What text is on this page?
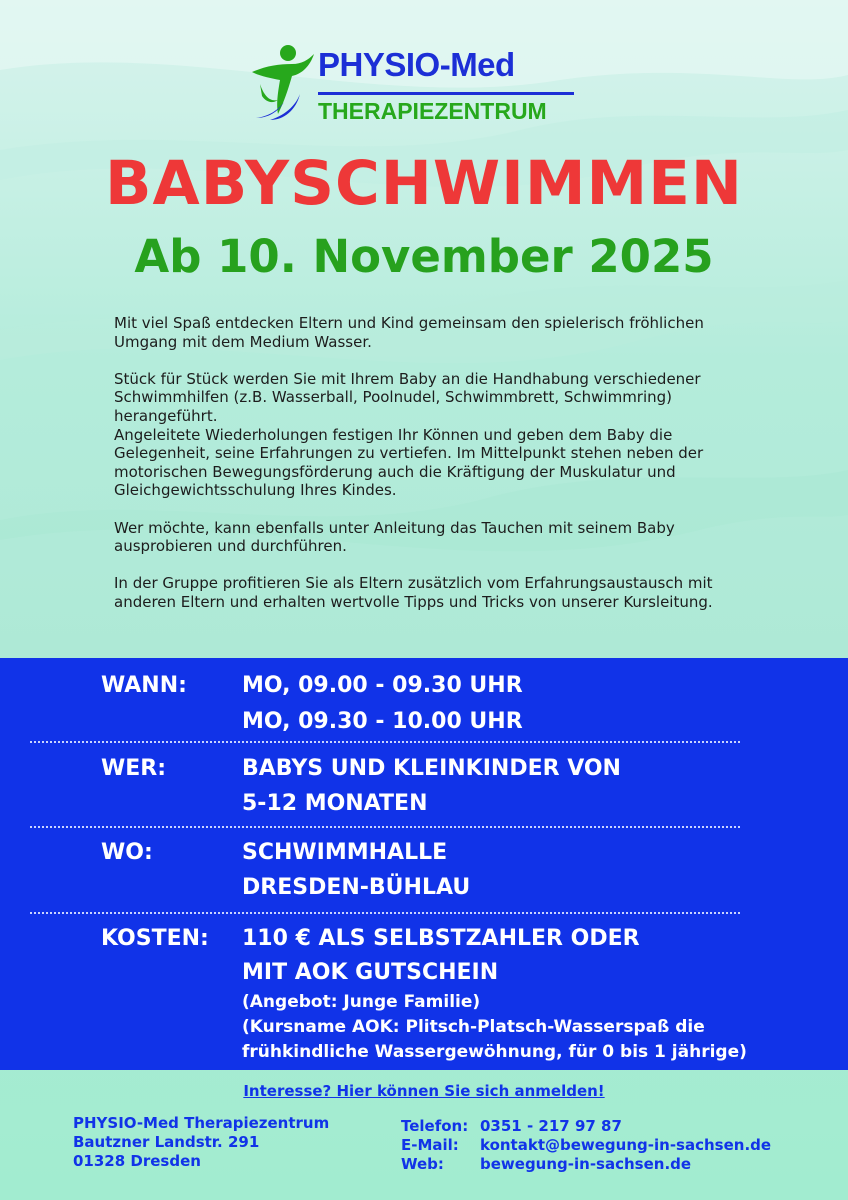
PHYSIO-Med
THERAPIEZENTRUM
BABYSCHWIMMEN
Ab 10. November 2025

Mit viel Spaß entdecken Eltern und Kind gemeinsam den spielerisch fröhlichen Umgang mit dem Medium Wasser.

Stück für Stück werden Sie mit Ihrem Baby an die Handhabung verschiedener Schwimmhilfen (z.B. Wasserball, Poolnudel, Schwimmbrett, Schwimmring) herangeführt.

Angeleitete Wiederholungen festigen Ihr Können und geben dem Baby die Gelegenheit, seine Erfahrungen zu vertiefen. Im Mittelpunkt stehen neben der motorischen Bewegungsförderung auch die Kräftigung der Muskulatur und Gleichgewichtsschulung Ihres Kindes.

Wer möchte, kann ebenfalls unter Anleitung das Tauchen mit seinem Baby ausprobieren und durchführen.

In der Gruppe profitieren Sie als Eltern zusätzlich vom Erfahrungsaustausch mit anderen Eltern und erhalten wertvolle Tipps und Tricks von unserer Kursleitung.

WANN:	MO, 09.00 - 09.30 UHR
MO, 09.30 - 10.00 UHR
WER:	BABYS UND KLEINKINDER VON
5-12 MONATEN
WO:	SCHWIMMHALLE
DRESDEN-BÜHLAU
KOSTEN: 110 € ALS SELBSTZAHLER ODER
MIT AOK GUTSCHEIN
(Angebot: Junge Familie)
(Kursname AOK: Plitsch-Platsch-Wasserspaß die
frühkindliche Wassergewöhnung, für 0 bis 1 jährige)
Interesse? Hier können Sie sich anmelden!
PHYSIO-Med Therapiezentrum
Bautzner Landstr. 291
01328 Dresden
Telefon: 0351 - 217 97 87
E-Mail: kontakt@bewegung-in-sachsen.de
Web: bewegung-in-sachsen.de
